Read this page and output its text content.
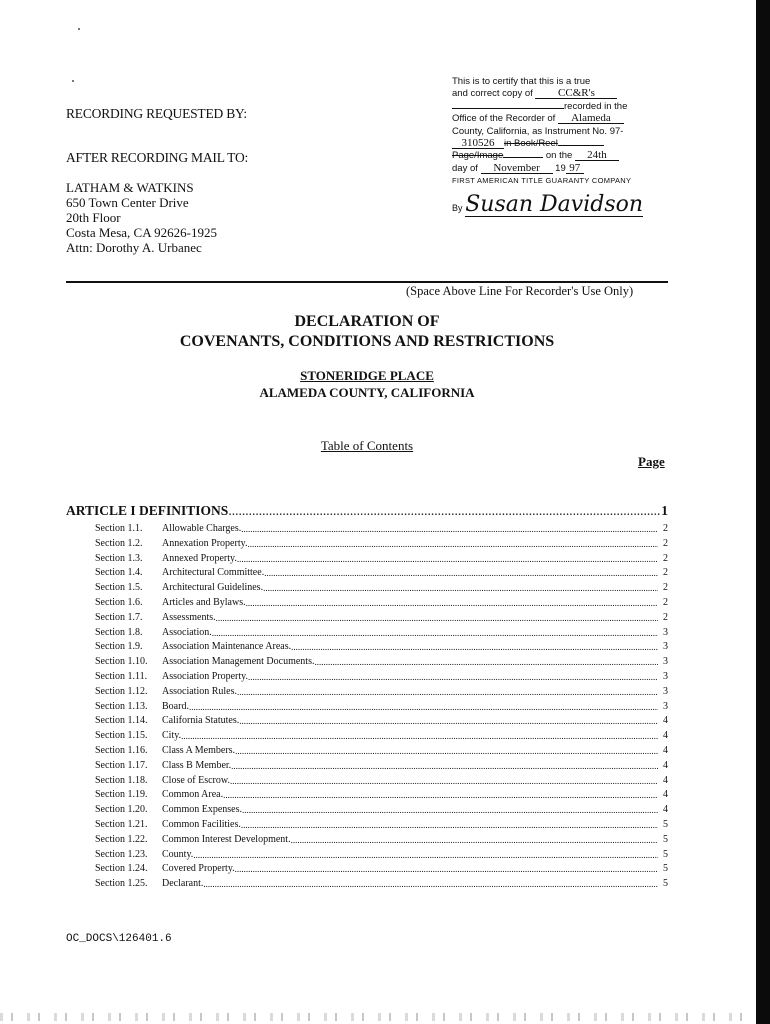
RECORDING REQUESTED BY:
AFTER RECORDING MAIL TO:
LATHAM & WATKINS
650 Town Center Drive
20th Floor
Costa Mesa, CA 92626-1925
Attn: Dorothy A. Urbanec
This is to certify that this is a true
and correct copy of CC&R's
recorded in the
Office of the Recorder of Alameda
County, California, as Instrument No. 97-
310526 in Book/Reel
Page/Image	on the 24th
day of November 19 97
FIRST AMERICAN TITLE GUARANTY COMPANY
By Susan Davidson
(Space Above Line For Recorder's Use Only)
DECLARATION OF
COVENANTS, CONDITIONS AND RESTRICTIONS
STONERIDGE PLACE
ALAMEDA COUNTY, CALIFORNIA
Table of Contents
Page
ARTICLE I DEFINITIONS .....	1
Section 1.1.	Allowable Charges. .....	2
Section 1.2.	Annexation Property. .....	2
Section 1.3.	Annexed Property. .....	2
Section 1.4.	Architectural Committee. .....	2
Section 1.5.	Architectural Guidelines. .....	2
Section 1.6.	Articles and Bylaws. .....	2
Section 1.7.	Assessments. .....	2
Section 1.8.	Association. .....	3
Section 1.9.	Association Maintenance Areas. .....	3
Section 1.10.	Association Management Documents. .....	3
Section 1.11.	Association Property. .....	3
Section 1.12.	Association Rules. .....	3
Section 1.13.	Board. .....	3
Section 1.14.	California Statutes. .....	4
Section 1.15.	City. .....	4
Section 1.16.	Class A Members. .....	4
Section 1.17.	Class B Member. .....	4
Section 1.18.	Close of Escrow. .....	4
Section 1.19.	Common Area. .....	4
Section 1.20.	Common Expenses. .....	4
Section 1.21.	Common Facilities. .....	5
Section 1.22.	Common Interest Development. .....	5
Section 1.23.	County. .....	5
Section 1.24.	Covered Property. .....	5
Section 1.25.	Declarant. .....	5
OC_DOCS\126401.6
